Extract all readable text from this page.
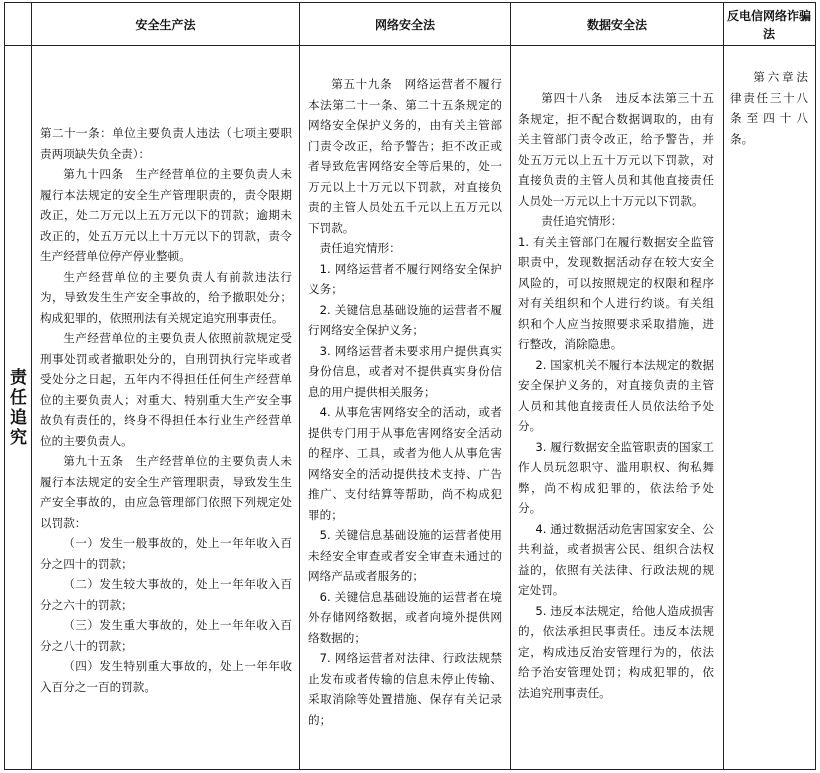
安全生产法	网络安全法	数据安全法
反电信网络诈骗法
责任追究

第二十一条：单位主要负责人违法（七项主要职责两项缺失负全责）：

第九十四条　生产经营单位的主要负责人未履行本法规定的安全生产管理职责的，责令限期改正，处二万元以上五万元以下的罚款；逾期未改正的，处五万元以上十万元以下的罚款，责令生产经营单位停产停业整顿。

生产经营单位的主要负责人有前款违法行为，导致发生生产安全事故的，给予撤职处分；构成犯罪的，依照刑法有关规定追究刑事责任。

生产经营单位的主要负责人依照前款规定受刑事处罚或者撤职处分的，自刑罚执行完毕或者受处分之日起，五年内不得担任任何生产经营单位的主要负责人；对重大、特别重大生产安全事故负有责任的，终身不得担任本行业生产经营单位的主要负责人。

第九十五条　生产经营单位的主要负责人未履行本法规定的安全生产管理职责，导致发生生产安全事故的，由应急管理部门依照下列规定处以罚款：

（一）发生一般事故的，处上一年年收入百分之四十的罚款；

（二）发生较大事故的，处上一年年收入百分之六十的罚款；

（三）发生重大事故的，处上一年年收入百分之八十的罚款；

（四）发生特别重大事故的，处上一年年收入百分之一百的罚款。

第五十九条　网络运营者不履行本法第二十一条、第二十五条规定的网络安全保护义务的，由有关主管部门责令改正，给予警告；拒不改正或者导致危害网络安全等后果的，处一万元以上十万元以下罚款，对直接负责的主管人员处五千元以上五万元以下罚款。

责任追究情形：

1. 网络运营者不履行网络安全保护义务；

2. 关键信息基础设施的运营者不履行网络安全保护义务；

3. 网络运营者未要求用户提供真实身份信息，或者对不提供真实身份信息的用户提供相关服务；

4. 从事危害网络安全的活动，或者提供专门用于从事危害网络安全活动的程序、工具，或者为他人从事危害网络安全的活动提供技术支持、广告推广、支付结算等帮助，尚不构成犯罪的；

5. 关键信息基础设施的运营者使用未经安全审查或者安全审查未通过的网络产品或者服务的；

6. 关键信息基础设施的运营者在境外存储网络数据，或者向境外提供网络数据的；

7. 网络运营者对法律、行政法规禁止发布或者传输的信息未停止传输、采取消除等处置措施、保存有关记录的；

第四十八条　违反本法第三十五条规定，拒不配合数据调取的，由有关主管部门责令改正，给予警告，并处五万元以上五十万元以下罚款，对直接负责的主管人员和其他直接责任人员处一万元以上十万元以下罚款。

责任追究情形：

1. 有关主管部门在履行数据安全监管职责中，发现数据活动存在较大安全风险的，可以按照规定的权限和程序对有关组织和个人进行约谈。有关组织和个人应当按照要求采取措施，进行整改，消除隐患。

2. 国家机关不履行本法规定的数据安全保护义务的，对直接负责的主管人员和其他直接责任人员依法给予处分。

3. 履行数据安全监管职责的国家工作人员玩忽职守、滥用职权、徇私舞弊，尚不构成犯罪的，依法给予处分。

4. 通过数据活动危害国家安全、公共利益，或者损害公民、组织合法权益的，依照有关法律、行政法规的规定处罚。

5. 违反本法规定，给他人造成损害的，依法承担民事责任。违反本法规定，构成违反治安管理行为的，依法给予治安管理处罚；构成犯罪的，依法追究刑事责任。

第六章法律责任三十八条至四十八条。
